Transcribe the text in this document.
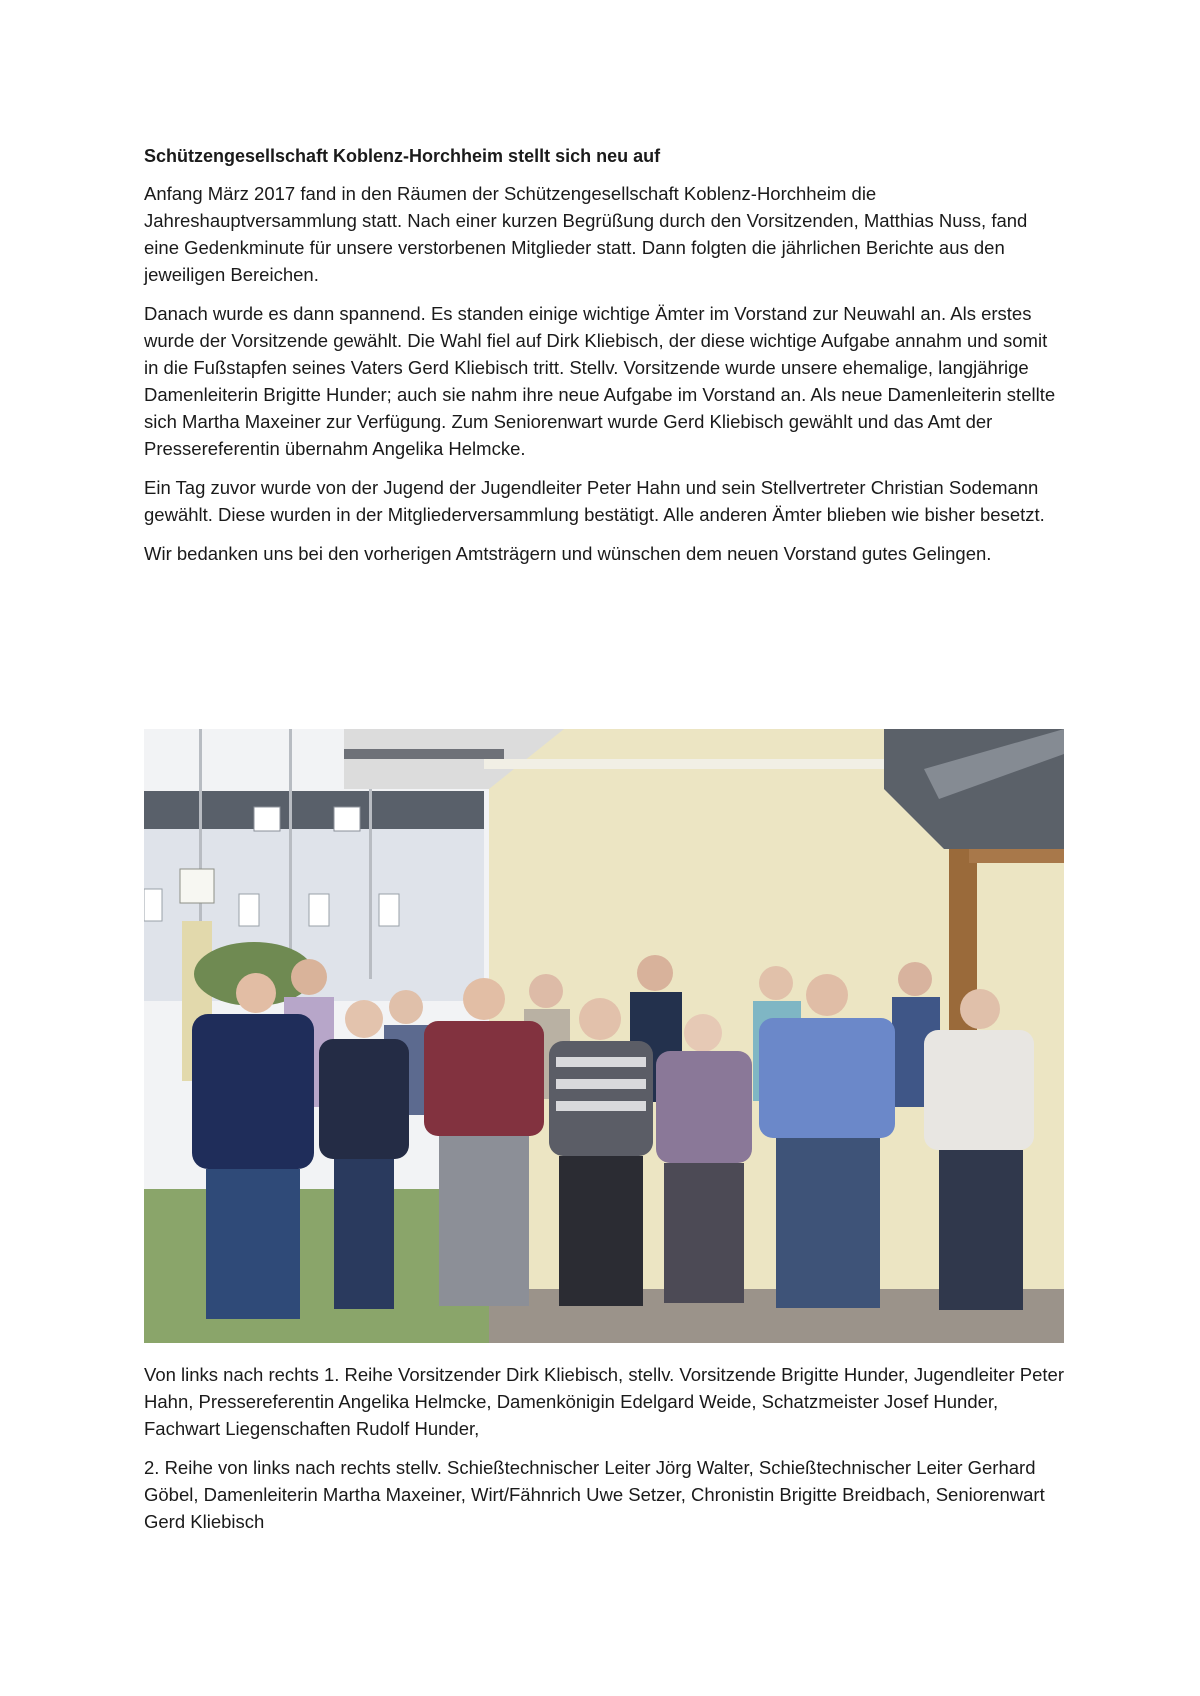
Schützengesellschaft Koblenz-Horchheim stellt sich neu auf

Anfang März 2017 fand in den Räumen der Schützengesellschaft Koblenz-Horchheim die Jahreshauptversammlung statt. Nach einer kurzen Begrüßung durch den Vorsitzenden, Matthias Nuss, fand eine Gedenkminute für unsere verstorbenen Mitglieder statt. Dann folgten die jährlichen Berichte aus den jeweiligen Bereichen.

Danach wurde es dann spannend. Es standen einige wichtige Ämter im Vorstand zur Neuwahl an. Als erstes wurde der Vorsitzende gewählt. Die Wahl fiel auf Dirk Kliebisch, der diese wichtige Aufgabe annahm und somit in die Fußstapfen seines Vaters Gerd Kliebisch tritt. Stellv. Vorsitzende wurde unsere ehemalige, langjährige Damenleiterin Brigitte Hunder; auch sie nahm ihre neue Aufgabe im Vorstand an. Als neue Damenleiterin stellte sich Martha Maxeiner zur Verfügung. Zum Seniorenwart wurde Gerd Kliebisch gewählt und das Amt der Pressereferentin übernahm Angelika Helmcke.

Ein Tag zuvor wurde von der Jugend der Jugendleiter Peter Hahn und sein Stellvertreter Christian Sodemann gewählt. Diese wurden in der Mitgliederversammlung bestätigt. Alle anderen Ämter blieben wie bisher besetzt.

Wir bedanken uns bei den vorherigen Amtsträgern und wünschen dem neuen Vorstand gutes Gelingen.

Von links nach rechts 1. Reihe Vorsitzender Dirk Kliebisch, stellv. Vorsitzende Brigitte Hunder, Jugendleiter Peter Hahn, Pressereferentin Angelika Helmcke, Damenkönigin Edelgard Weide, Schatzmeister Josef Hunder, Fachwart Liegenschaften Rudolf Hunder,

2. Reihe von links nach rechts stellv. Schießtechnischer Leiter Jörg Walter, Schießtechnischer Leiter Gerhard Göbel, Damenleiterin Martha Maxeiner, Wirt/Fähnrich Uwe Setzer, Chronistin Brigitte Breidbach, Seniorenwart Gerd Kliebisch
